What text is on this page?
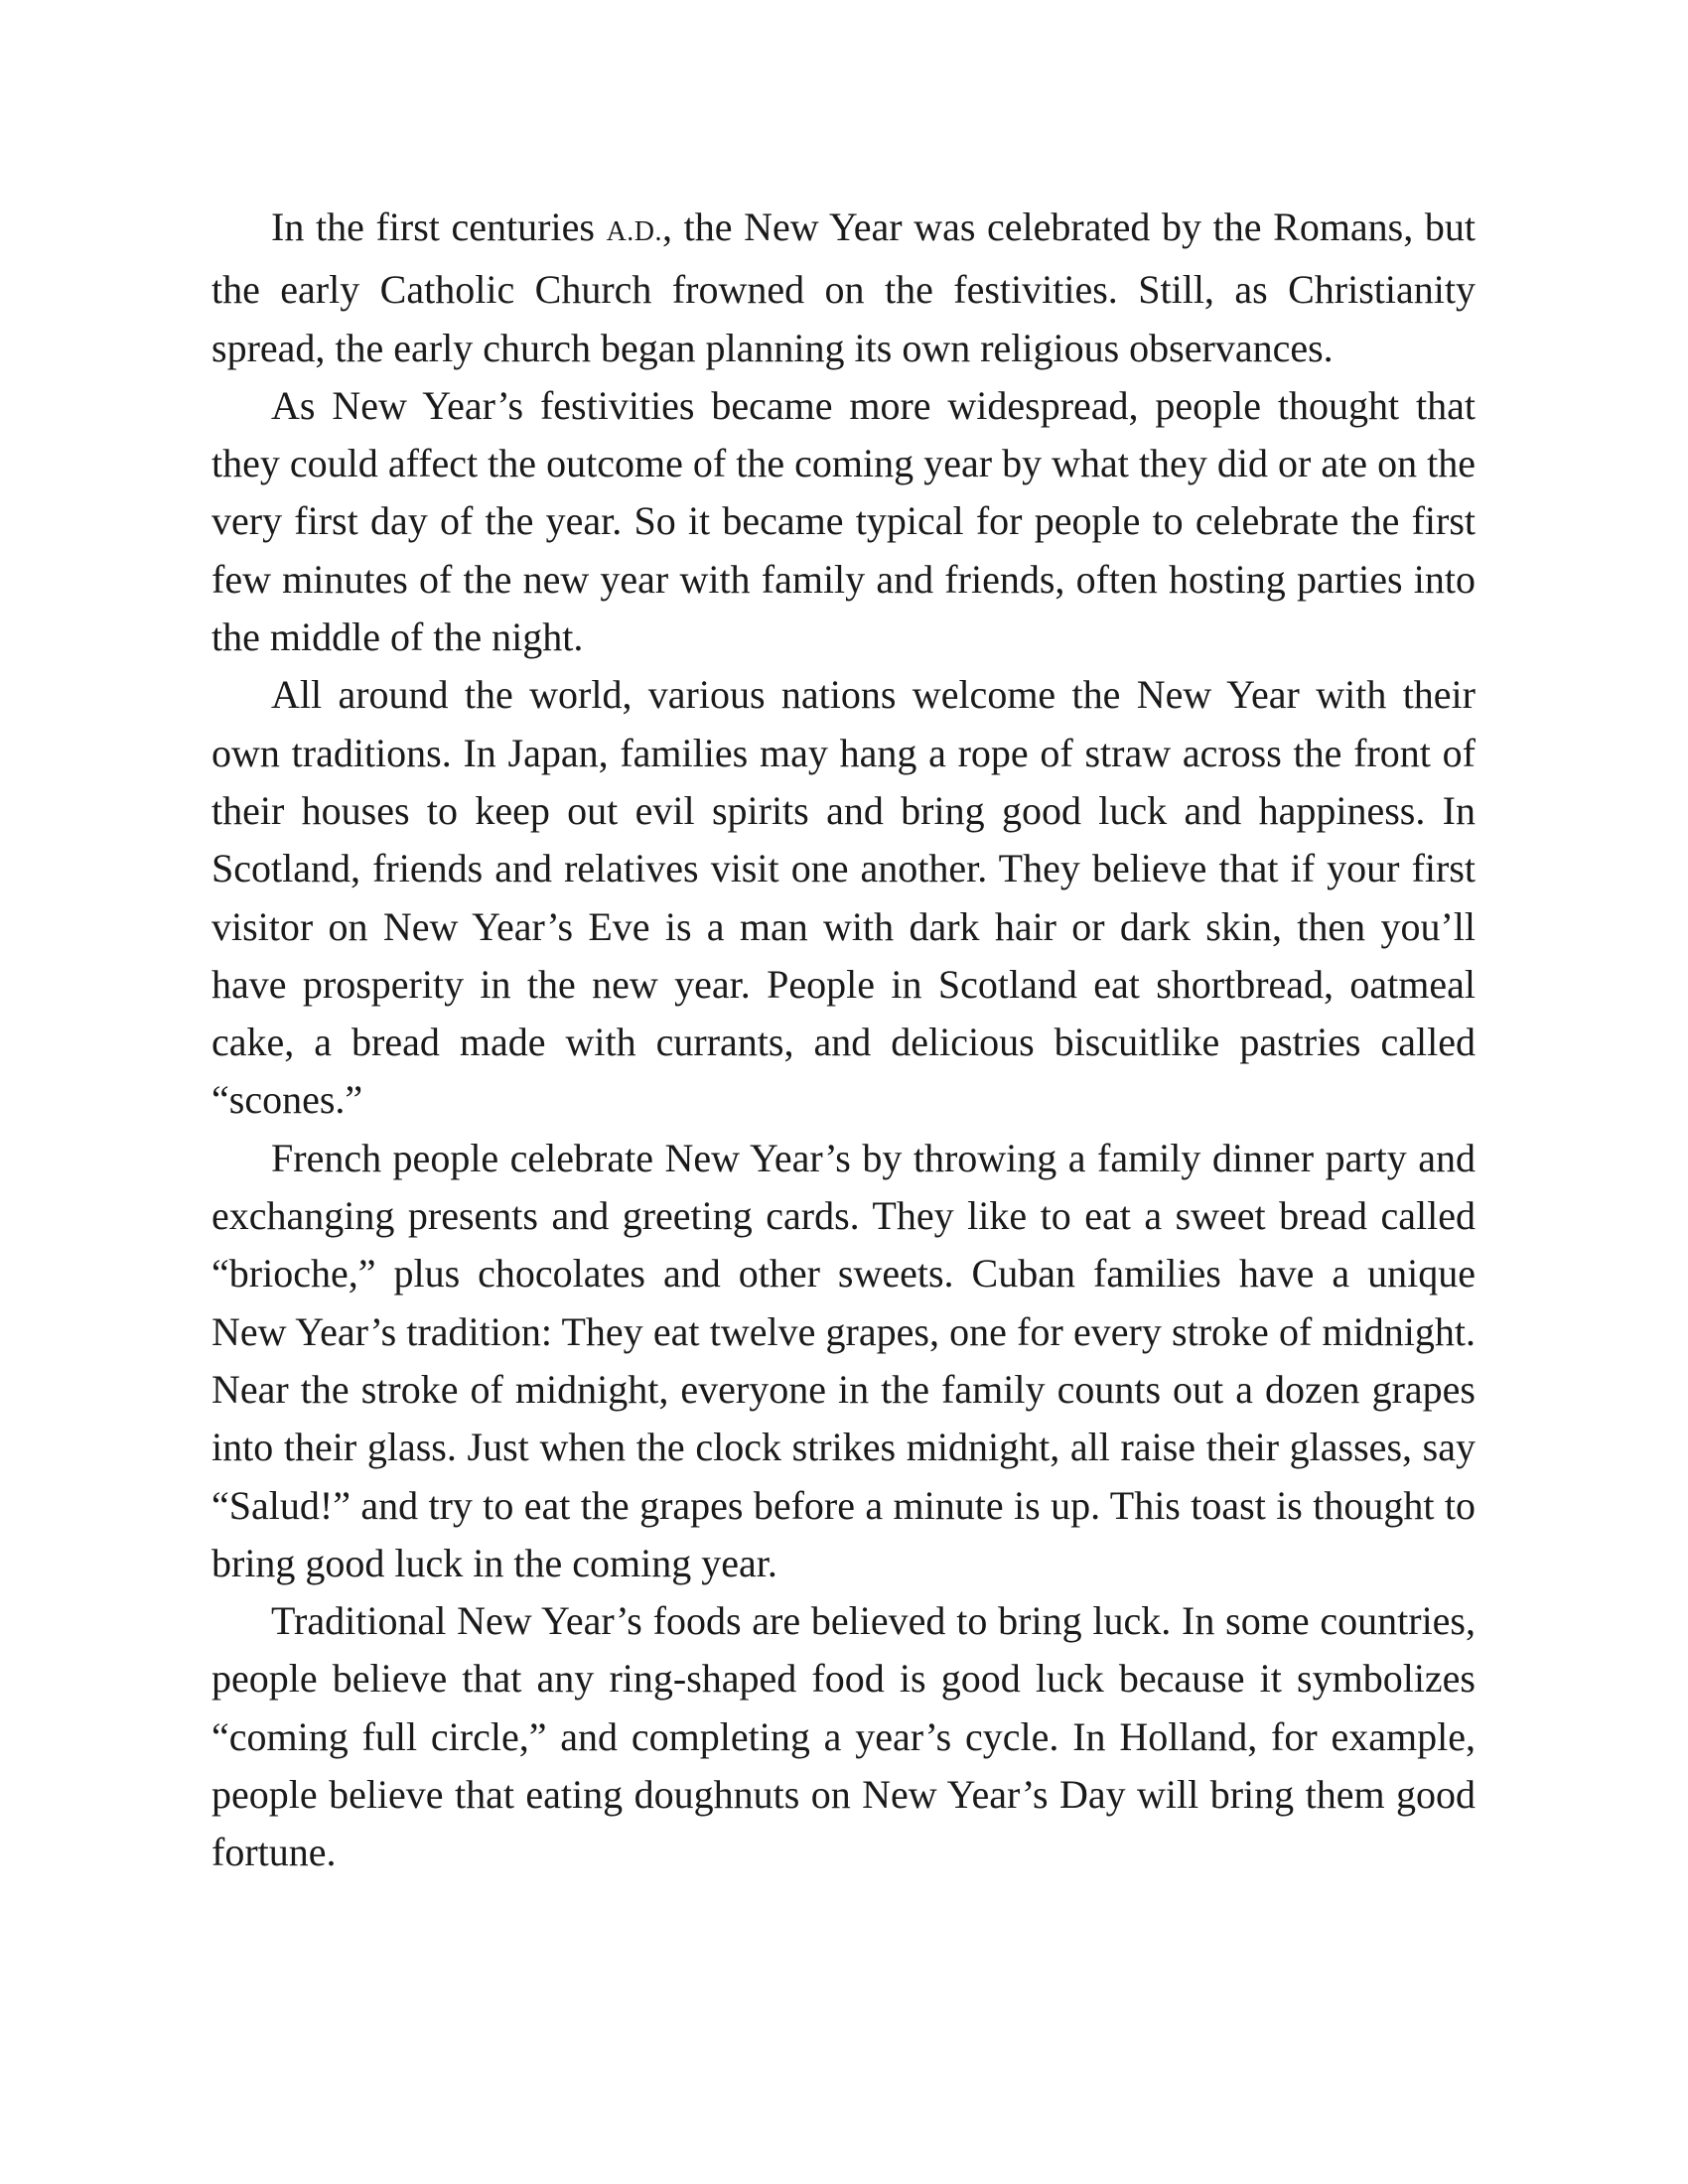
In the first centuries A.D., the New Year was celebrated by the Romans, but the early Catholic Church frowned on the festivities. Still, as Christianity spread, the early church began planning its own religious observances.

As New Year’s festivities became more widespread, people thought that they could affect the outcome of the coming year by what they did or ate on the very first day of the year. So it became typical for people to celebrate the first few minutes of the new year with family and friends, often hosting parties into the middle of the night.

All around the world, various nations welcome the New Year with their own traditions. In Japan, families may hang a rope of straw across the front of their houses to keep out evil spirits and bring good luck and happiness. In Scotland, friends and relatives visit one another. They believe that if your first visitor on New Year’s Eve is a man with dark hair or dark skin, then you’ll have prosperity in the new year. People in Scotland eat shortbread, oatmeal cake, a bread made with currants, and delicious biscuitlike pastries called “scones.”

French people celebrate New Year’s by throwing a family dinner party and exchanging presents and greeting cards. They like to eat a sweet bread called “brioche,” plus chocolates and other sweets. Cuban families have a unique New Year’s tradition: They eat twelve grapes, one for every stroke of midnight. Near the stroke of midnight, everyone in the family counts out a dozen grapes into their glass. Just when the clock strikes midnight, all raise their glasses, say “Salud!” and try to eat the grapes before a minute is up. This toast is thought to bring good luck in the coming year.

Traditional New Year’s foods are believed to bring luck. In some countries, people believe that any ring-shaped food is good luck because it symbolizes “coming full circle,” and completing a year’s cycle. In Holland, for example, people believe that eating doughnuts on New Year’s Day will bring them good fortune.
